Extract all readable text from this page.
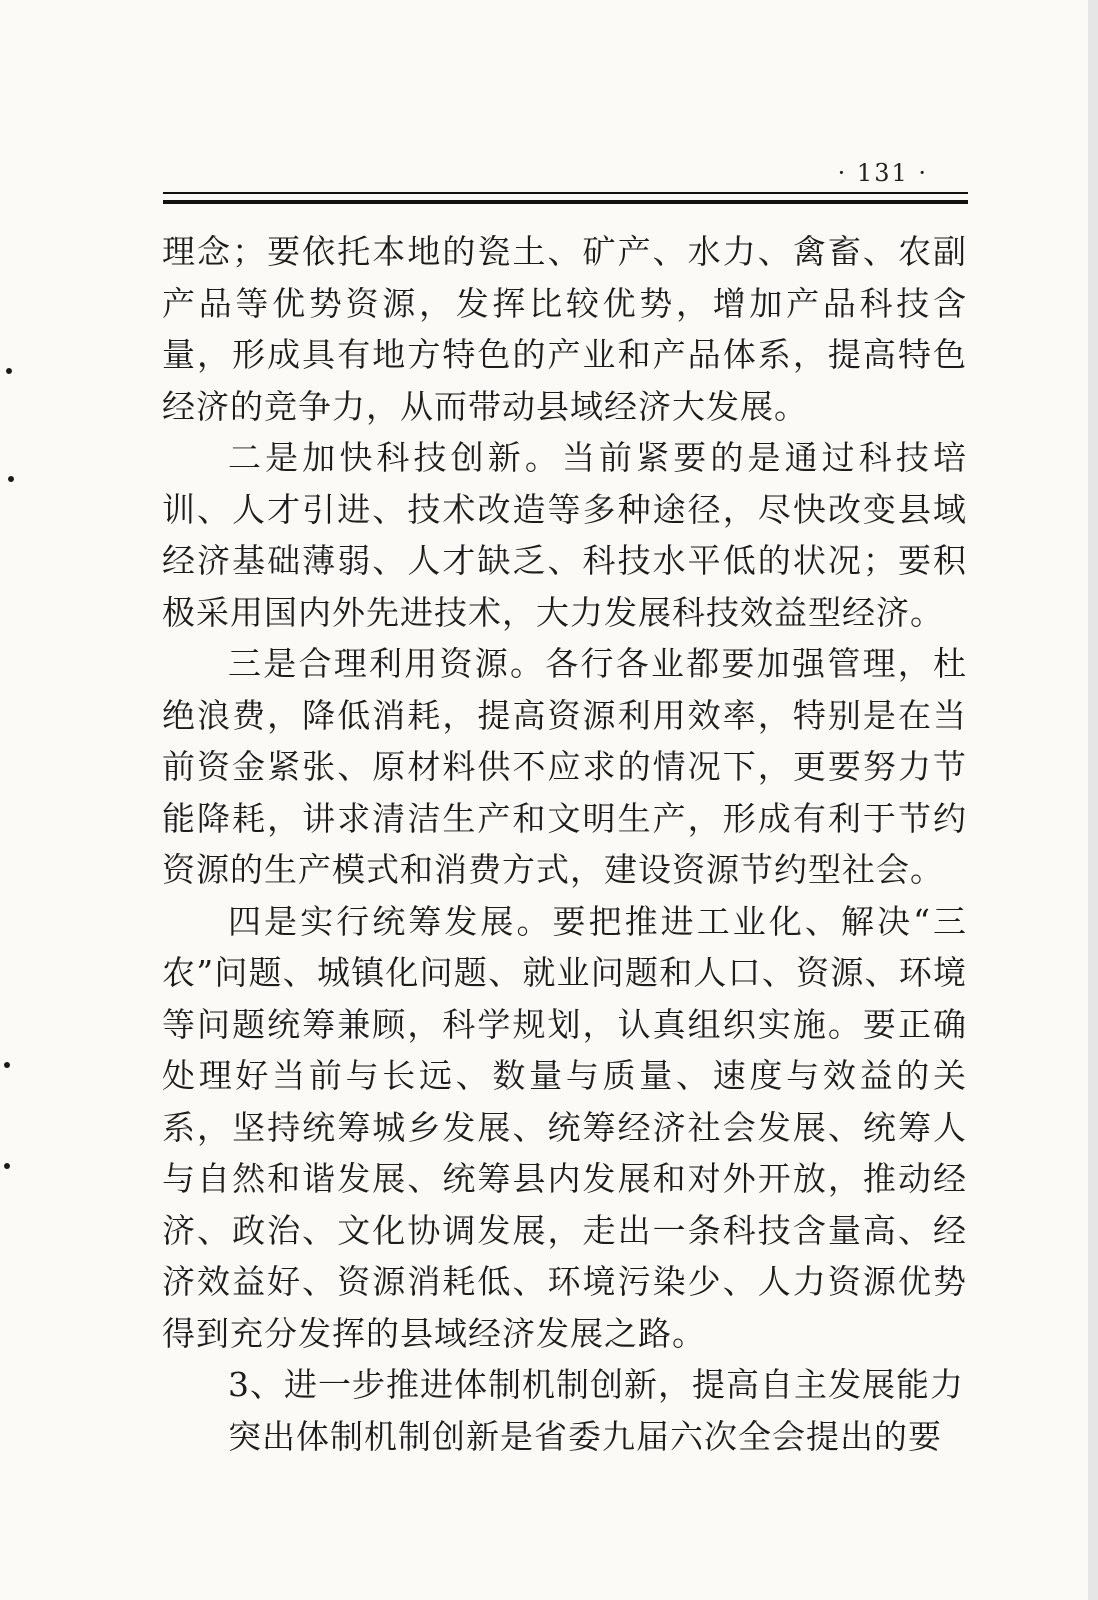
· 131 ·

理念；要依托本地的瓷土、矿产、水力、禽畜、农副产品等优势资源，发挥比较优势，增加产品科技含量，形成具有地方特色的产业和产品体系，提高特色经济的竞争力，从而带动县域经济大发展。

二是加快科技创新。当前紧要的是通过科技培训、人才引进、技术改造等多种途径，尽快改变县域经济基础薄弱、人才缺乏、科技水平低的状况；要积极采用国内外先进技术，大力发展科技效益型经济。

三是合理利用资源。各行各业都要加强管理，杜绝浪费，降低消耗，提高资源利用效率，特别是在当前资金紧张、原材料供不应求的情况下，更要努力节能降耗，讲求清洁生产和文明生产，形成有利于节约资源的生产模式和消费方式，建设资源节约型社会。

四是实行统筹发展。要把推进工业化、解决“三农”问题、城镇化问题、就业问题和人口、资源、环境等问题统筹兼顾，科学规划，认真组织实施。要正确处理好当前与长远、数量与质量、速度与效益的关系，坚持统筹城乡发展、统筹经济社会发展、统筹人与自然和谐发展、统筹县内发展和对外开放，推动经济、政治、文化协调发展，走出一条科技含量高、经济效益好、资源消耗低、环境污染少、人力资源优势得到充分发挥的县域经济发展之路。

3、进一步推进体制机制创新，提高自主发展能力

突出体制机制创新是省委九届六次全会提出的要
